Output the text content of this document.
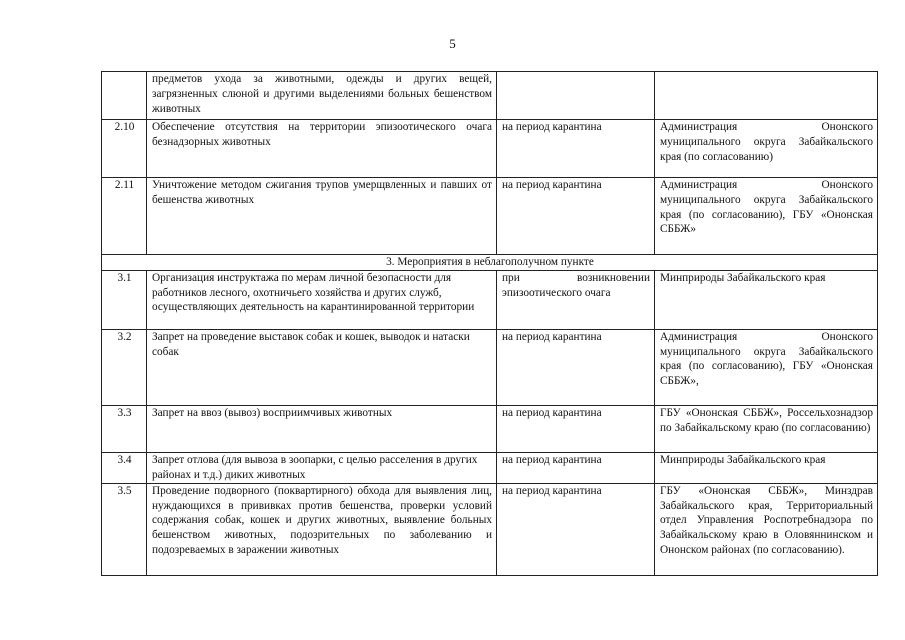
5
	предметов ухода за животными, одежды и других вещей, загрязненных слюной и другими выделениями больных бешенством животных		
2.10	Обеспечение отсутствия на территории эпизоотического очага безнадзорных животных	на период карантина	Администрация Ононского муниципального округа Забайкальского края (по согласованию)
2.11	Уничтожение методом сжигания трупов умерщвленных и павших от бешенства животных	на период карантина	Администрация Ононского муниципального округа Забайкальского края (по согласованию), ГБУ «Ононская СББЖ»
3. Мероприятия в неблагополучном пункте			
3.1	Организация инструктажа по мерам личной безопасности для работников лесного, охотничьего хозяйства и других служб, осуществляющих деятельность на карантинированной территории	при возникновении эпизоотического очага	Минприроды Забайкальского края
3.2	Запрет на проведение выставок собак и кошек, выводок и натаски собак	на период карантина	Администрация Ононского муниципального округа Забайкальского края (по согласованию), ГБУ «Ононская СББЖ»,
3.3	Запрет на ввоз (вывоз) восприимчивых животных	на период карантина	ГБУ «Ононская СББЖ», Россельхознадзор по Забайкальскому краю (по согласованию)
3.4	Запрет отлова (для вывоза в зоопарки, с целью расселения в других районах и т.д.) диких животных	на период карантина	Минприроды Забайкальского края
3.5	Проведение подворного (поквартирного) обхода для выявления лиц, нуждающихся в прививках против бешенства, проверки условий содержания собак, кошек и других животных, выявление больных бешенством животных, подозрительных по заболеванию и подозреваемых в заражении животных	на период карантина	ГБУ «Ононская СББЖ», Минздрав Забайкальского края, Территориальный отдел Управления Роспотребнадзора по Забайкальскому краю в Оловяннинском и Ононском районах (по согласованию).
